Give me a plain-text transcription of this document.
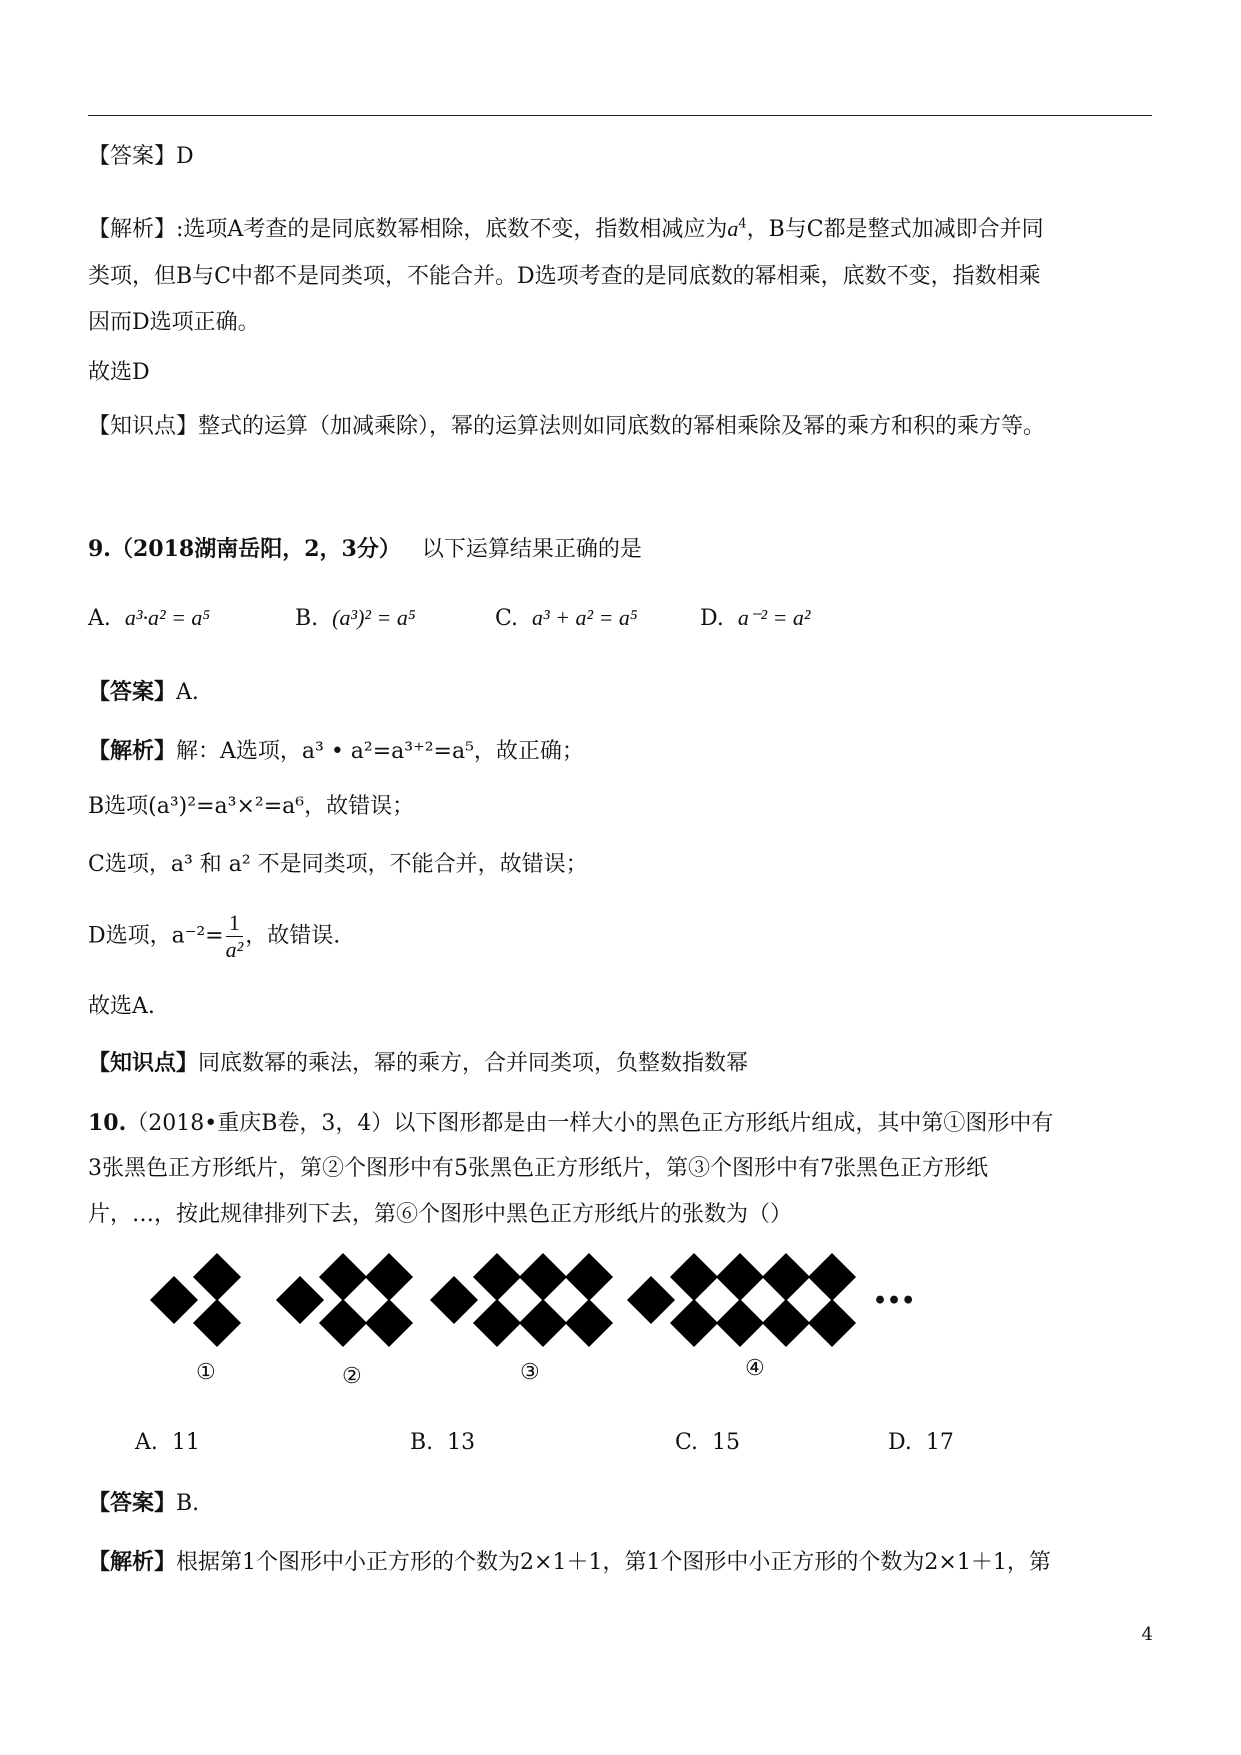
【答案】D
【解析】:选项A考查的是同底数幂相除，底数不变，指数相减应为$a^4$，B与C都是整式加减即合并同
类项，但B与C中都不是同类项，不能合并。D选项考查的是同底数的幂相乘，底数不变，指数相乘
因而D选项正确。
故选D
【知识点】整式的运算（加减乘除），幂的运算法则如同底数的幂相乘除及幂的乘方和积的乘方等。
9.（2018湖南岳阳，2，3分） 以下运算结果正确的是
A. a³·a² = a⁵	B. (a³)² = a⁵	C. a³ + a² = a⁵	D. a⁻² = a²
【答案】A.
【解析】解：A选项，a³ • a²=a³⁺²=a⁵，故正确；
B选项(a³)²=a³×²=a⁶，故错误；
C选项，a³ 和 a² 不是同类项，不能合并，故错误；
D选项，$a^{-2}= \frac{1}{\text{a²}}$ ，故错误.
故选A.
【知识点】同底数幂的乘法，幂的乘方，合并同类项，负整数指数幂
10.（2018•重庆B卷，3，4）以下图形都是由一样大小的黑色正方形纸片组成，其中第①图形中有
3张黑色正方形纸片，第②个图形中有5张黑色正方形纸片，第③个图形中有7张黑色正方形纸
片，…，按此规律排列下去，第⑥个图形中黑色正方形纸片的张数为（）
•••
①	②	③	④
A. 11	B. 13	C. 15	D. 17
【答案】B.
【解析】根据第1个图形中小正方形的个数为2×1＋1，第1个图形中小正方形的个数为2×1＋1，第
4
